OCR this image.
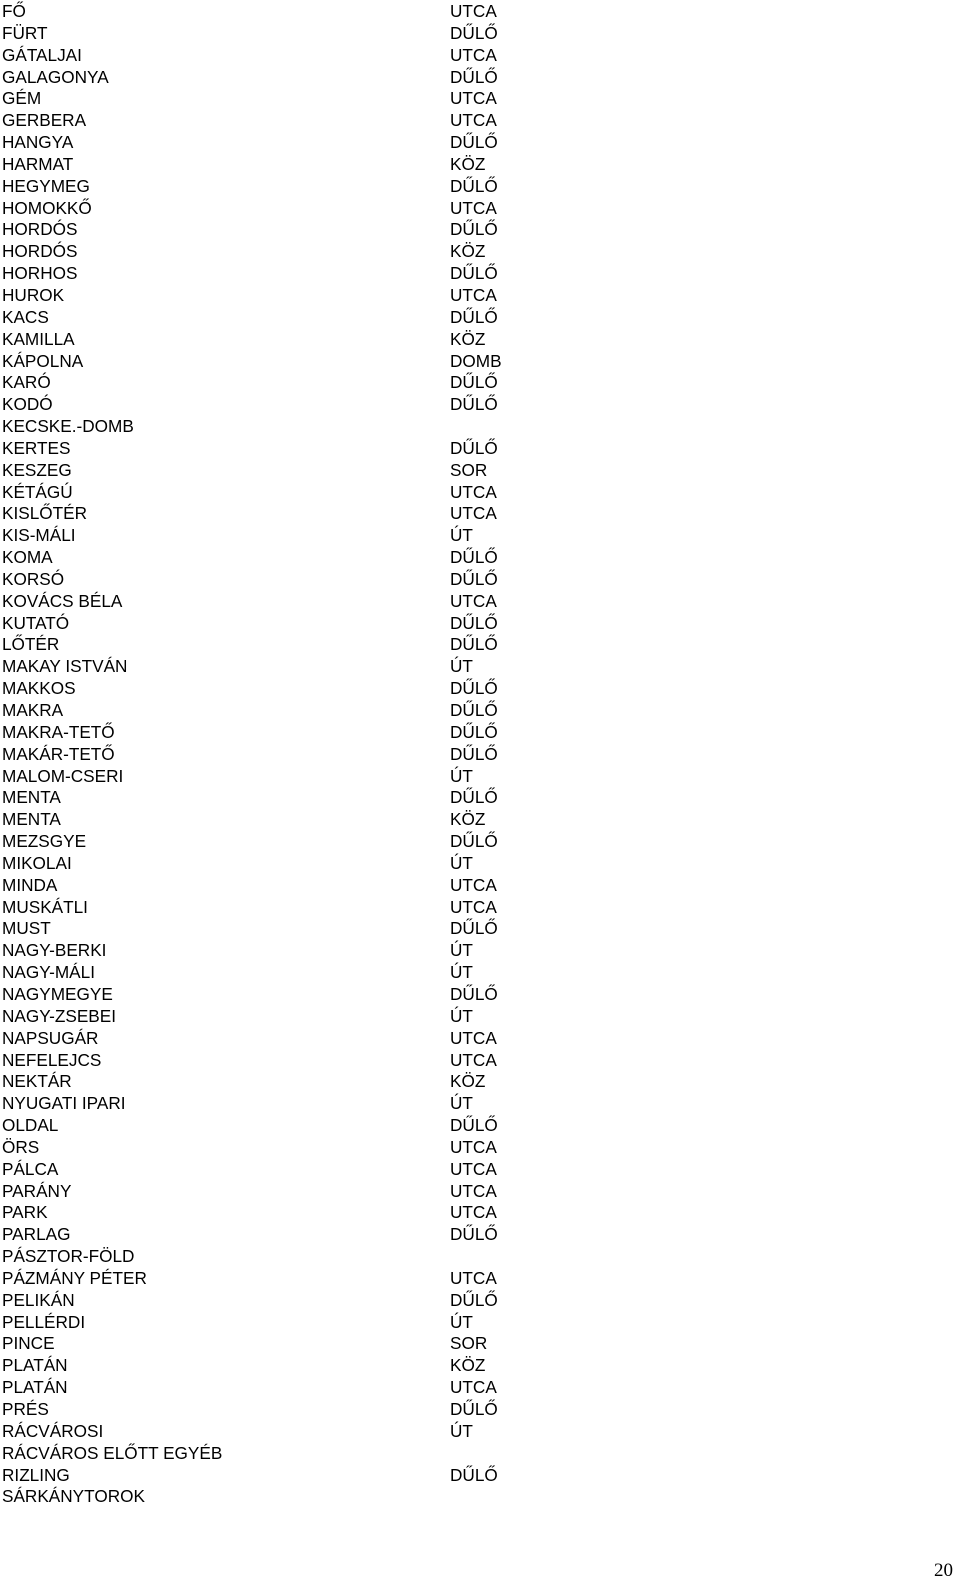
FŐ
FÜRT
GÁTALJAI
GALAGONYA
GÉM
GERBERA
HANGYA
HARMAT
HEGYMEG
HOMOKKŐ
HORDÓS
HORDÓS
HORHOS
HUROK
KACS
KAMILLA
KÁPOLNA
KARÓ
KODÓ
KECSKE.-DOMB
KERTES
KESZEG
KÉTÁGÚ
KISLŐTÉR
KIS-MÁLI
KOMA
KORSÓ
KOVÁCS BÉLA
KUTATÓ
LŐTÉR
MAKAY ISTVÁN
MAKKOS
MAKRA
MAKRA-TETŐ
MAKÁR-TETŐ
MALOM-CSERI
MENTA
MENTA
MEZSGYE
MIKOLAI
MINDA
MUSKÁTLI
MUST
NAGY-BERKI
NAGY-MÁLI
NAGYMEGYE
NAGY-ZSEBEI
NAPSUGÁR
NEFELEJCS
NEKTÁR
NYUGATI IPARI
OLDAL
ÖRS
PÁLCA
PARÁNY
PARK
PARLAG
PÁSZTOR-FÖLD
PÁZMÁNY PÉTER
PELIKÁN
PELLÉRDI
PINCE
PLATÁN
PLATÁN
PRÉS
RÁCVÁROSI
RÁCVÁROS ELŐTT EGYÉB
RIZLING
SÁRKÁNYTOROK
UTCA
DŰLŐ
UTCA
DŰLŐ
UTCA
UTCA
DŰLŐ
KÖZ
DŰLŐ
UTCA
DŰLŐ
KÖZ
DŰLŐ
UTCA
DŰLŐ
KÖZ
DOMB
DŰLŐ
DŰLŐ
DŰLŐ
SOR
UTCA
UTCA
ÚT
DŰLŐ
DŰLŐ
UTCA
DŰLŐ
DŰLŐ
ÚT
DŰLŐ
DŰLŐ
DŰLŐ
DŰLŐ
ÚT
DŰLŐ
KÖZ
DŰLŐ
ÚT
UTCA
UTCA
DŰLŐ
ÚT
ÚT
DŰLŐ
ÚT
UTCA
UTCA
KÖZ
ÚT
DŰLŐ
UTCA
UTCA
UTCA
UTCA
DŰLŐ
UTCA
DŰLŐ
ÚT
SOR
KÖZ
UTCA
DŰLŐ
ÚT
DŰLŐ
20
